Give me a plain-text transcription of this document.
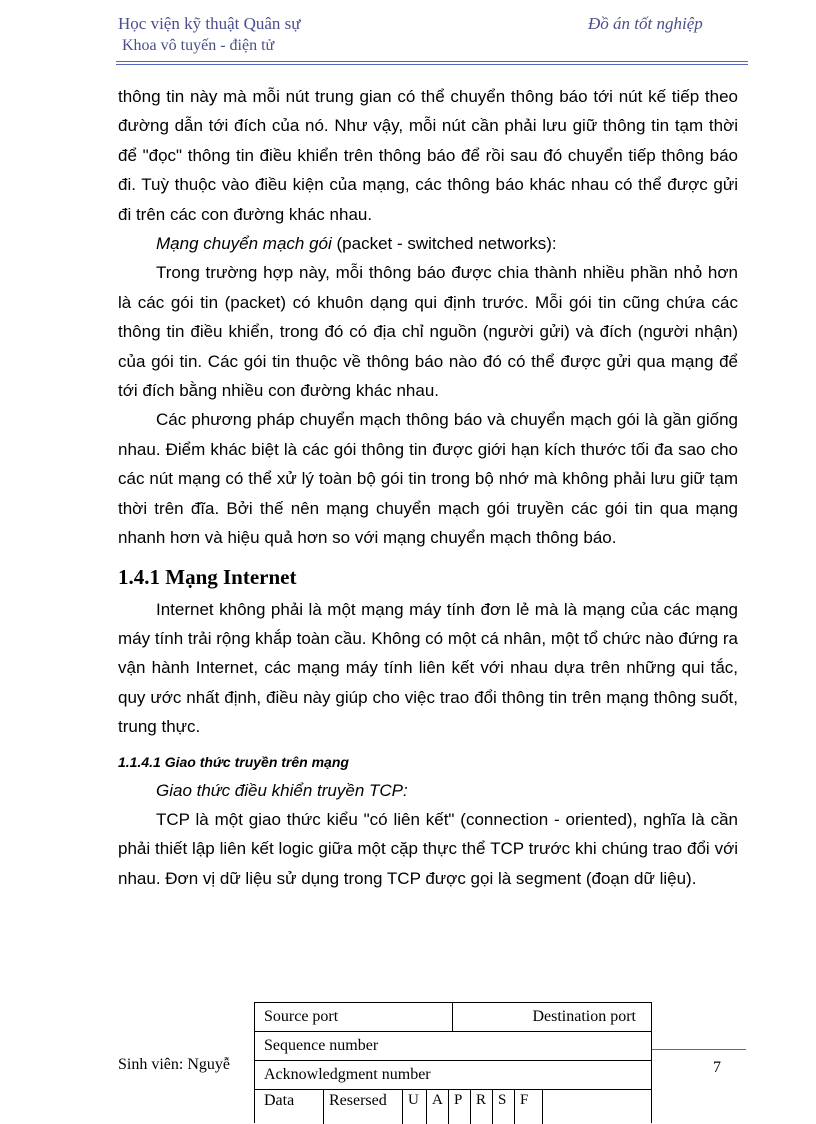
Học viện kỹ thuật Quân sự
Khoa vô tuyến - điện tử
Đồ án tốt nghiệp

thông tin này mà mỗi nút trung gian có thể chuyển thông báo tới nút kế tiếp theo đường dẫn tới đích của nó. Như vậy, mỗi nút cần phải lưu giữ thông tin tạm thời để "đọc" thông tin điều khiển trên thông báo để rồi sau đó chuyển tiếp thông báo đi. Tuỳ thuộc vào điều kiện của mạng, các thông báo khác nhau có thể được gửi đi trên các con đường khác nhau.

Mạng chuyển mạch gói (packet - switched networks):

Trong trường hợp này, mỗi thông báo được chia thành nhiều phần nhỏ hơn là các gói tin (packet) có khuôn dạng qui định trước. Mỗi gói tin cũng chứa các thông tin điều khiển, trong đó có địa chỉ nguồn (người gửi) và đích (người nhận) của gói tin. Các gói tin thuộc về thông báo nào đó có thể được gửi qua mạng để tới đích bằng nhiều con đường khác nhau.

Các phương pháp chuyển mạch thông báo và chuyển mạch gói là gần giống nhau. Điểm khác biệt là các gói thông tin được giới hạn kích thước tối đa sao cho các nút mạng có thể xử lý toàn bộ gói tin trong bộ nhớ mà không phải lưu giữ tạm thời trên đĩa. Bởi thế nên mạng chuyển mạch gói truyền các gói tin qua mạng nhanh hơn và hiệu quả hơn so với mạng chuyển mạch thông báo.

1.4.1 Mạng Internet

Internet không phải là một mạng máy tính đơn lẻ mà là mạng của các mạng máy tính trải rộng khắp toàn cầu. Không có một cá nhân, một tổ chức nào đứng ra vận hành Internet, các mạng máy tính liên kết với nhau dựa trên những qui tắc, quy ước nhất định, điều này giúp cho việc trao đổi thông tin trên mạng thông suốt, trung thực.

1.1.4.1 Giao thức truyền trên mạng

Giao thức điều khiển truyền TCP:

TCP là một giao thức kiểu "có liên kết" (connection - oriented), nghĩa là cần phải thiết lập liên kết logic giữa một cặp thực thể TCP trước khi chúng trao đổi với nhau. Đơn vị dữ liệu sử dụng trong TCP được gọi là segment (đoạn dữ liệu).

Sinh viên: Nguyễ	7
Source port	Destination port
Sequence number
Acknowledgment number
Data Resersed U A P R S F
